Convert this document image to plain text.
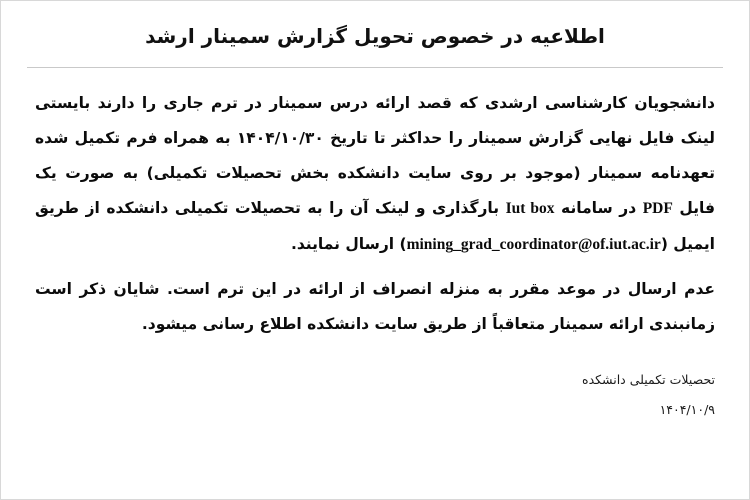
اطلاعیه در خصوص تحویل گزارش سمینار ارشد

دانشجویان کارشناسی ارشدی که قصد ارائه درس سمینار در ترم جاری را دارند بایستی لینک فایل نهایی گزارش سمینار را حداکثر تا تاریخ ۱۴۰۴/۱۰/۳۰ به همراه فرم تکمیل شده تعهدنامه سمینار (موجود بر روی سایت دانشکده بخش تحصیلات تکمیلی) به صورت یک فایل PDF در سامانه Iut box بارگذاری و لینک آن را به تحصیلات تکمیلی دانشکده از طریق ایمیل (mining_grad_coordinator@of.iut.ac.ir) ارسال نمایند.

عدم ارسال در موعد مقرر به منزله انصراف از ارائه در این ترم است. شایان ذکر است زمانبندی ارائه سمینار متعاقباً از طریق سایت دانشکده اطلاع رسانی میشود.

تحصیلات تکمیلی دانشکده
۱۴۰۴/۱۰/۹
